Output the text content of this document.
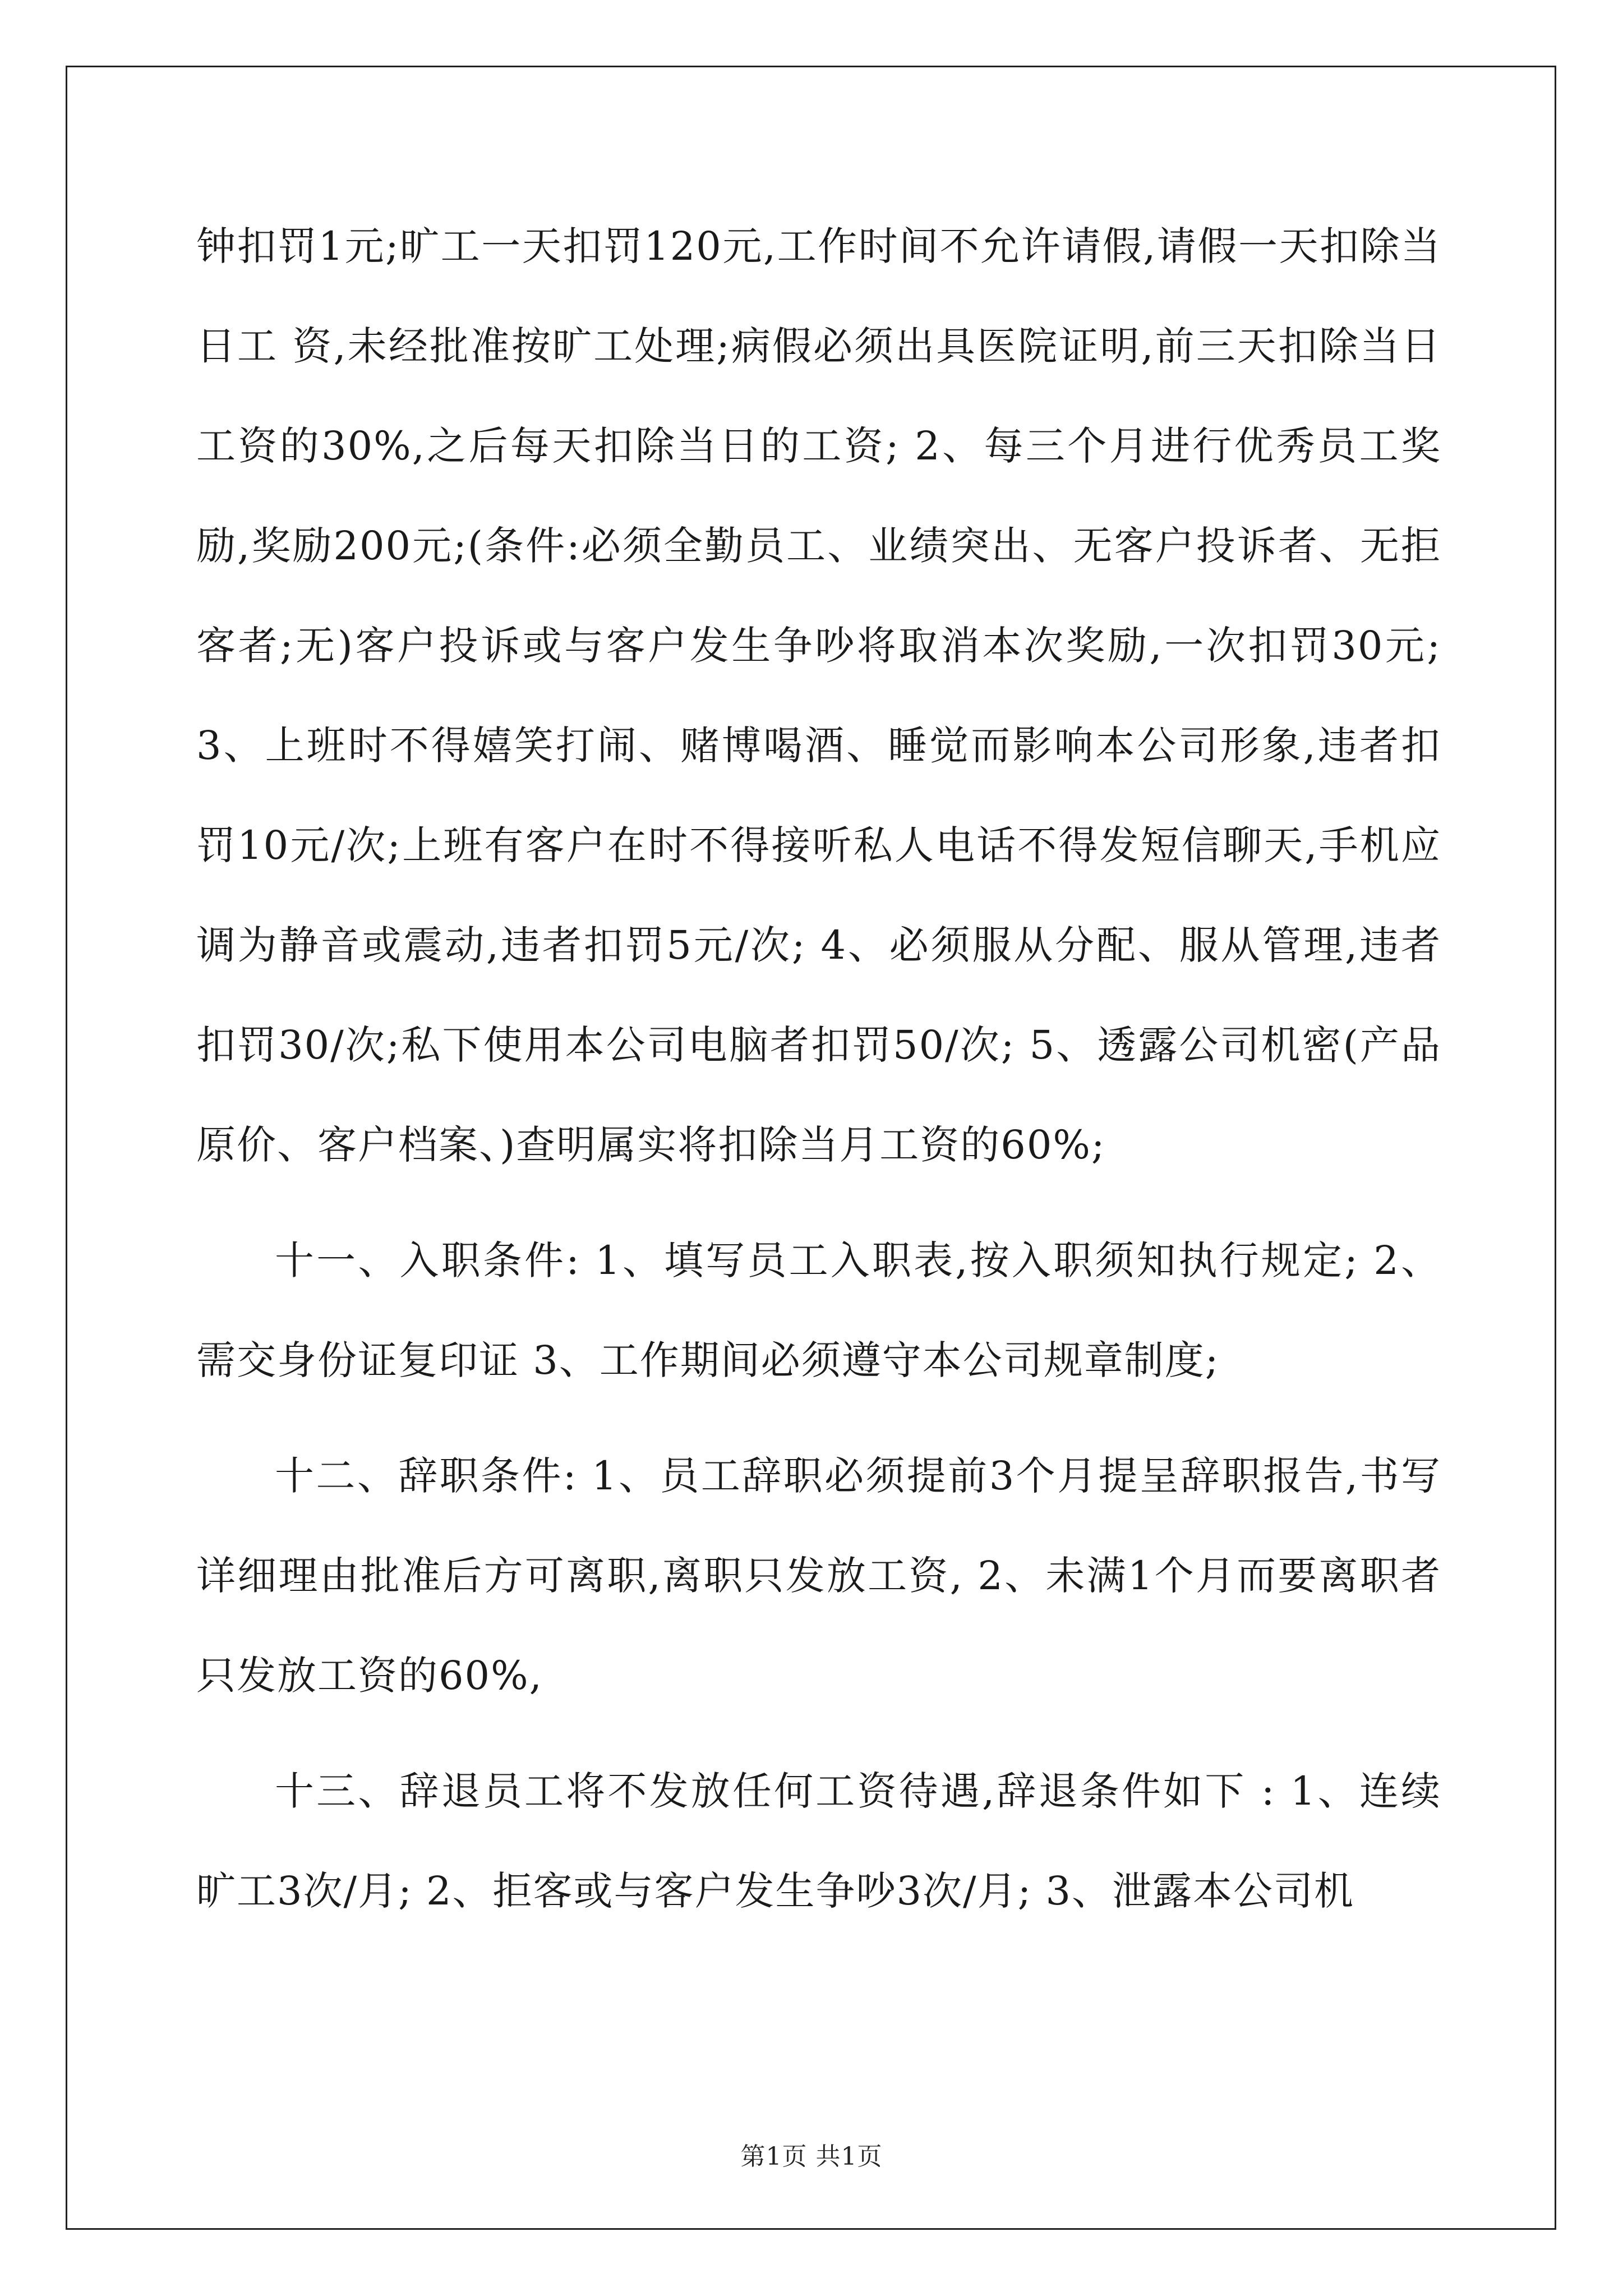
钟扣罚1元;旷工一天扣罚120元,工作时间不允许请假,请假一天扣除当日工 资,未经批准按旷工处理;病假必须出具医院证明,前三天扣除当日工资的30%,之后每天扣除当日的工资; 2、每三个月进行优秀员工奖励,奖励200元;(条件:必须全勤员工、业绩突出、无客户投诉者、无拒客者;无)客户投诉或与客户发生争吵将取消本次奖励,一次扣罚30元; 3、上班时不得嬉笑打闹、赌博喝酒、睡觉而影响本公司形象,违者扣罚10元/次;上班有客户在时不得接听私人电话不得发短信聊天,手机应调为静音或震动,违者扣罚5元/次; 4、必须服从分配、服从管理,违者扣罚30/次;私下使用本公司电脑者扣罚50/次; 5、透露公司机密(产品原价、客户档案、)查明属实将扣除当月工资的60%;

十一、入职条件: 1、填写员工入职表,按入职须知执行规定; 2、需交身份证复印证 3、工作期间必须遵守本公司规章制度;

十二、辞职条件: 1、员工辞职必须提前3个月提呈辞职报告,书写详细理由批准后方可离职,离职只发放工资, 2、未满1个月而要离职者只发放工资的60%,

十三、辞退员工将不发放任何工资待遇,辞退条件如下 : 1、连续旷工3次/月; 2、拒客或与客户发生争吵3次/月; 3、泄露本公司机

第1页 共1页
